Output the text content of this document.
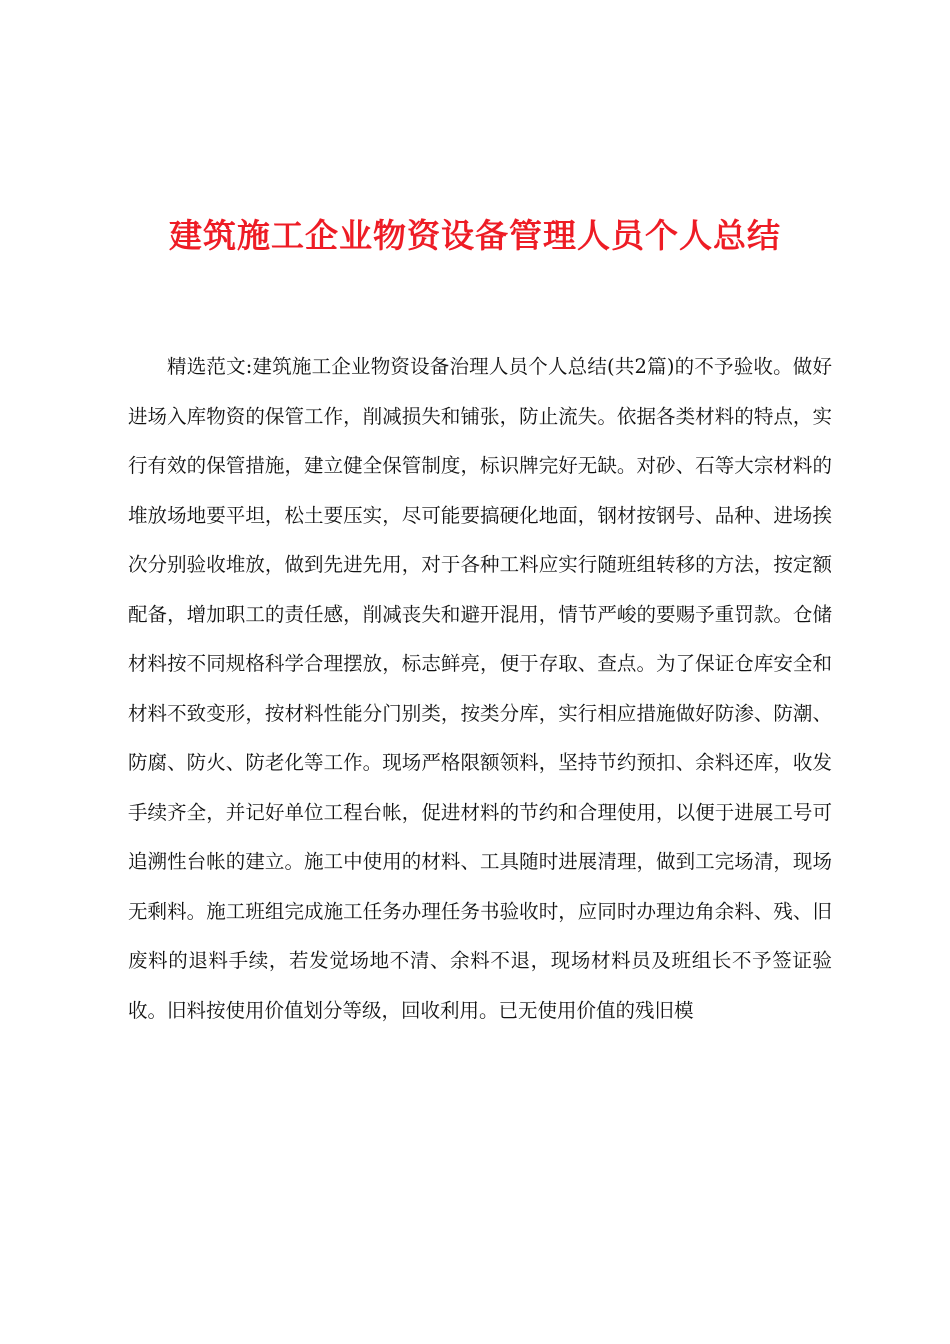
建筑施工企业物资设备管理人员个人总结

精选范文:建筑施工企业物资设备治理人员个人总结(共2篇)的不予验收。做好进场入库物资的保管工作，削减损失和铺张，防止流失。依据各类材料的特点，实行有效的保管措施，建立健全保管制度，标识牌完好无缺。对砂、石等大宗材料的堆放场地要平坦，松土要压实，尽可能要搞硬化地面，钢材按钢号、品种、进场挨次分别验收堆放，做到先进先用，对于各种工料应实行随班组转移的方法，按定额配备，增加职工的责任感，削减丧失和避开混用，情节严峻的要赐予重罚款。仓储材料按不同规格科学合理摆放，标志鲜亮，便于存取、查点。为了保证仓库安全和材料不致变形，按材料性能分门别类，按类分库，实行相应措施做好防渗、防潮、防腐、防火、防老化等工作。现场严格限额领料，坚持节约预扣、余料还库，收发手续齐全，并记好单位工程台帐，促进材料的节约和合理使用，以便于进展工号可追溯性台帐的建立。施工中使用的材料、工具随时进展清理，做到工完场清，现场无剩料。施工班组完成施工任务办理任务书验收时，应同时办理边角余料、残、旧废料的退料手续，若发觉场地不清、余料不退，现场材料员及班组长不予签证验收。旧料按使用价值划分等级，回收利用。已无使用价值的残旧模
